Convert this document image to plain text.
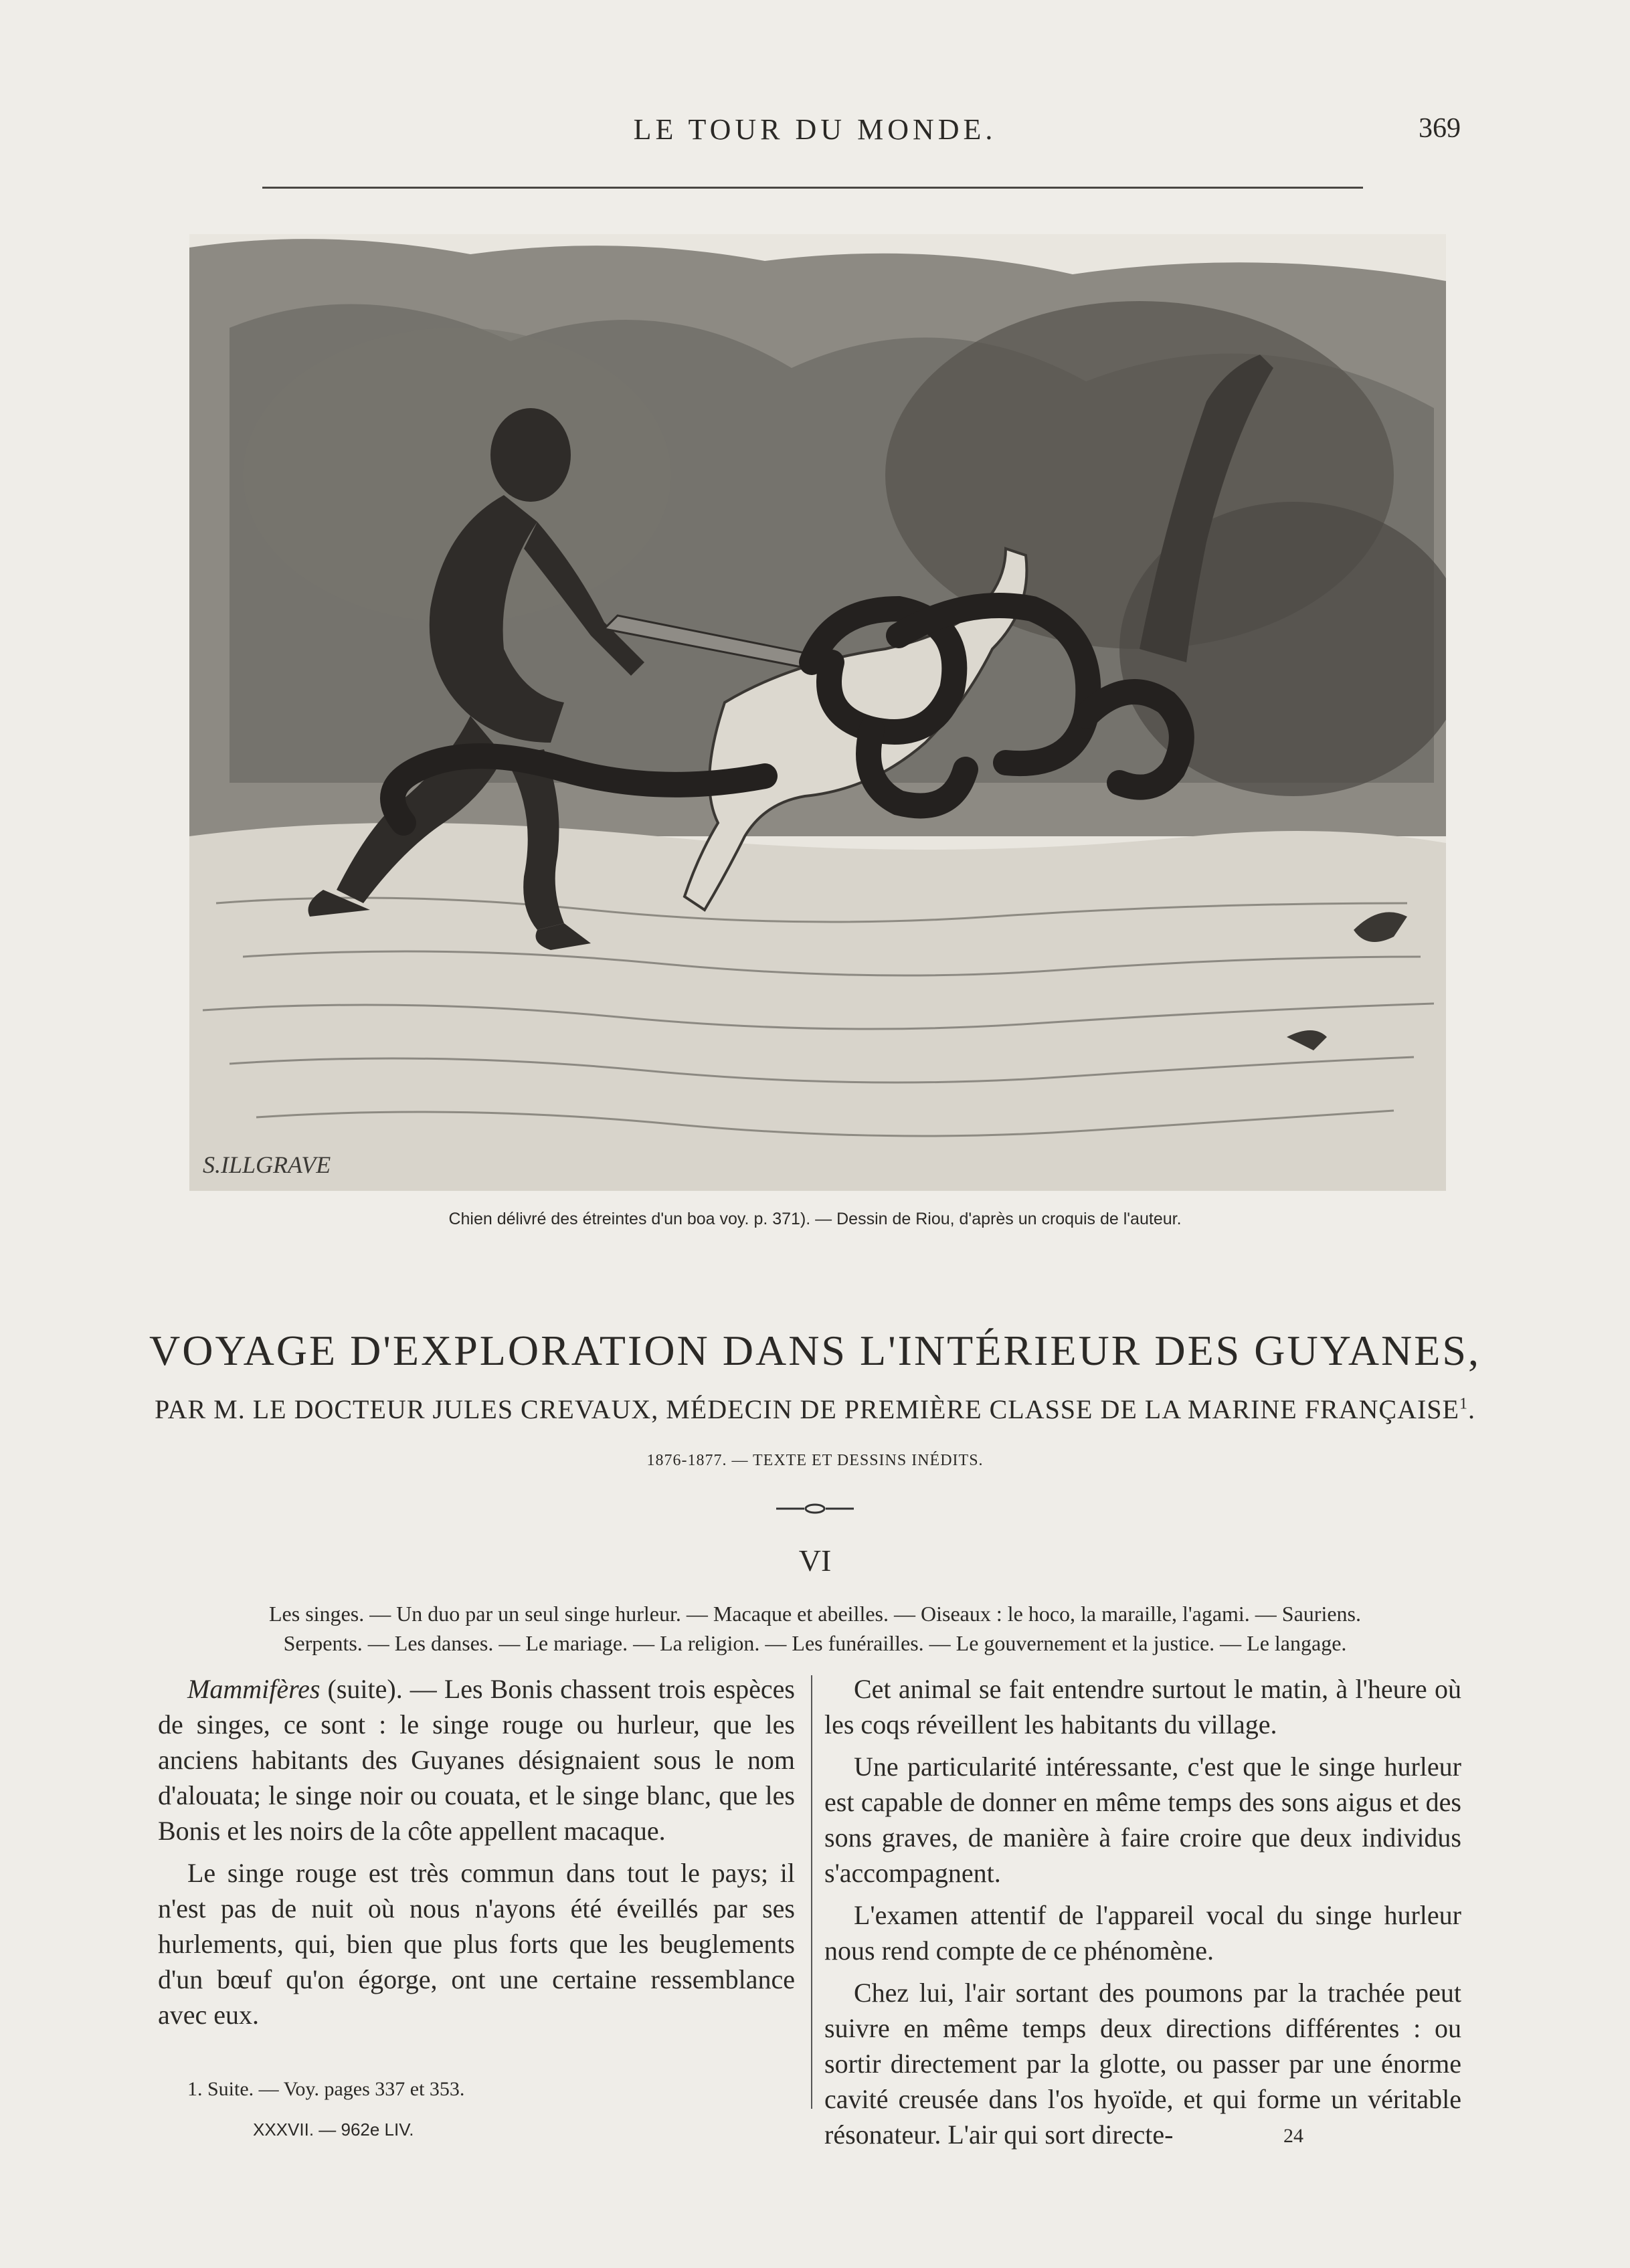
LE TOUR DU MONDE.	369
S.ILLGRAVE
Chien délivré des étreintes d'un boa voy. p. 371). — Dessin de Riou, d'après un croquis de l'auteur.
VOYAGE D'EXPLORATION DANS L'INTÉRIEUR DES GUYANES,
PAR M. LE DOCTEUR JULES CREVAUX, MÉDECIN DE PREMIÈRE CLASSE DE LA MARINE FRANÇAISE$^1$.
1876-1877. — TEXTE ET DESSINS INÉDITS.
VI
Les singes. — Un duo par un seul singe hurleur. — Macaque et abeilles. — Oiseaux : le hoco, la maraille, l'agami. — Sauriens.
Serpents. — Les danses. — Le mariage. — La religion. — Les funérailles. — Le gouvernement et la justice. — Le langage.

Mammifères (suite). — Les Bonis chassent trois espèces de singes, ce sont : le singe rouge ou hurleur, que les anciens habitants des Guyanes désignaient sous le nom d'alouata; le singe noir ou couata, et le singe blanc, que les Bonis et les noirs de la côte appellent macaque.

Le singe rouge est très commun dans tout le pays; il n'est pas de nuit où nous n'ayons été éveillés par ses hurlements, qui, bien que plus forts que les beuglements d'un bœuf qu'on égorge, ont une certaine ressemblance avec eux.

Cet animal se fait entendre surtout le matin, à l'heure où les coqs réveillent les habitants du village.

Une particularité intéressante, c'est que le singe hurleur est capable de donner en même temps des sons aigus et des sons graves, de manière à faire croire que deux individus s'accompagnent.

L'examen attentif de l'appareil vocal du singe hurleur nous rend compte de ce phénomène.

Chez lui, l'air sortant des poumons par la trachée peut suivre en même temps deux directions différentes : ou sortir directement par la glotte, ou passer par une énorme cavité creusée dans l'os hyoïde, et qui forme un véritable résonateur. L'air qui sort directe-

1. Suite. — Voy. pages 337 et 353.
XXXVII. — 962e LIV.	24
